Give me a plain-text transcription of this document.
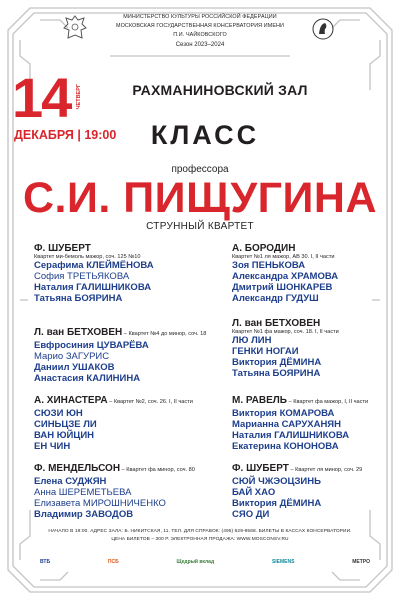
МИНИСТЕРСТВО КУЛЬТУРЫ РОССИЙСКОЙ ФЕДЕРАЦИИ
МОСКОВСКАЯ ГОСУДАРСТВЕННАЯ КОНСЕРВАТОРИЯ ИМЕНИ П.И. ЧАЙКОВСКОГО
Сезон 2023–2024
14 ЧЕТВЕРГ
ДЕКАБРЯ | 19:00
РАХМАНИНОВСКИЙ ЗАЛ
КЛАСС
профессора
С.И. ПИЩУГИНА
СТРУННЫЙ КВАРТЕТ
Ф. ШУБЕРТ
Квартет ми-бемоль мажор, соч. 125 №10
Серафима КЛЕЙМЁНОВА
София ТРЕТЬЯКОВА
Наталия ГАЛИШНИКОВА
Татьяна БОЯРИНА
Л. ван БЕТХОВЕН – Квартет №4 до минор, соч. 18
Евфросиния ЦУВАРЁВА
Марио ЗАГУРИС
Даниил УШАКОВ
Анастасия КАЛИНИНА
А. ХИНАСТЕРА – Квартет №2, соч. 26. I, II части
СЮЗИ ЮН
СИНЬЦЗЕ ЛИ
ВАН ЮЙЦИН
ЕН ЧИН
Ф. МЕНДЕЛЬСОН – Квартет фа минор, соч. 80
Елена СУДЖЯН
Анна ШЕРЕМЕТЬЕВА
Елизавета МИРОШНИЧЕНКО
Владимир ЗАВОДОВ
А. БОРОДИН
Квартет №1 ля мажор, АВ 30. I, II части
Зоя ПЕНЬКОВА
Александра ХРАМОВА
Дмитрий ШОНКАРЕВ
Александр ГУДУШ
Л. ван БЕТХОВЕН
Квартет №1 фа мажор, соч. 18. I, II части
ЛЮ ЛИН
ГЕНКИ НОГАИ
Виктория ДЁМИНА
Татьяна БОЯРИНА
М. РАВЕЛЬ – Квартет фа мажор, I, II части
Виктория КОМАРОВА
Марианна САРУХАНЯН
Наталия ГАЛИШНИКОВА
Екатерина КОНОНОВА
Ф. ШУБЕРТ – Квартет ля минор, соч. 29
СЮЙ ЧЖЭОЦЗИНЬ
БАЙ ХАО
Виктория ДЁМИНА
СЯО ДИ
НАЧАЛО В 19:00. АДРЕС ЗАЛА: Б. НИКИТСКАЯ, 11. ТЕЛ. ДЛЯ СПРАВОК: (495) 629-9568. БИЛЕТЫ В КАССАХ КОНСЕРВАТОРИИ.
ЦЕНА БИЛЕТОВ – 300 Р. ЭЛЕКТРОННАЯ ПРОДАЖА: WWW.MOSCONSV.RU
ВТБ	ПСБ	Щедрый вклад	SIEMENS	МЕТРО
